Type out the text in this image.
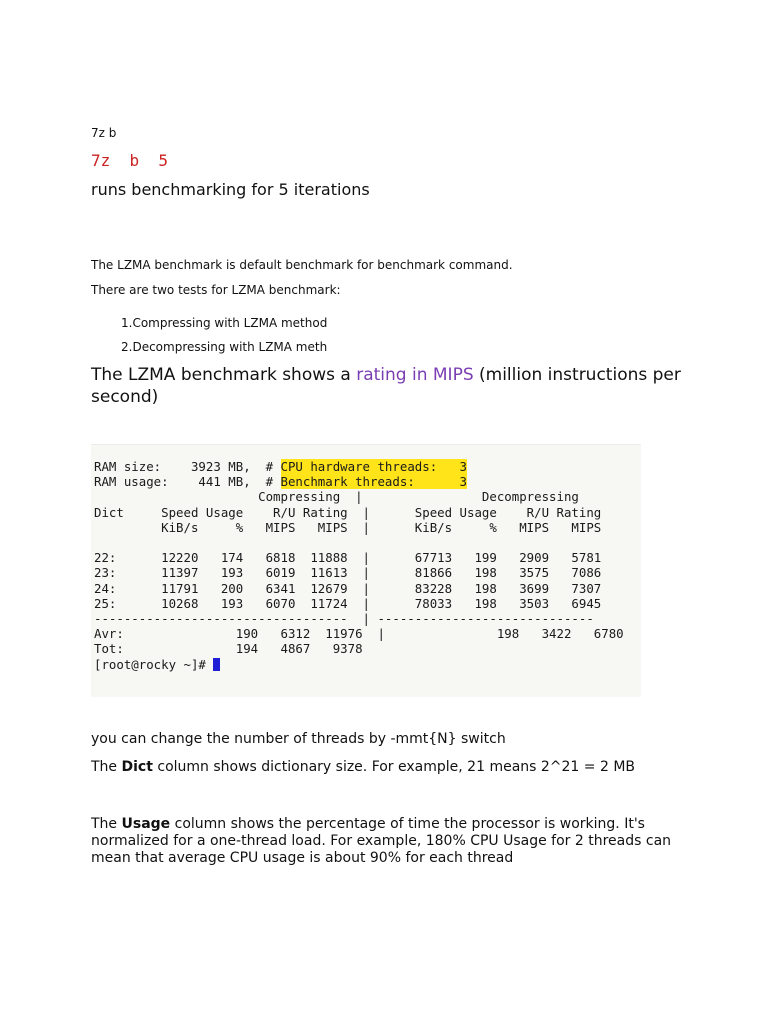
7z b
7z  b  5
runs benchmarking for 5 iterations
The LZMA benchmark is default benchmark for benchmark command.
There are two tests for LZMA benchmark:
1.Compressing with LZMA method
2.Decompressing with LZMA meth
The LZMA benchmark shows a rating in MIPS (million instructions per second)
RAM size:    3923 MB,  # CPU hardware threads:   3
RAM usage:    441 MB,  # Benchmark threads:      3
Compressing  |                Decompressing
Dict     Speed Usage    R/U Rating  |      Speed Usage    R/U Rating
KiB/s     %   MIPS   MIPS  |      KiB/s     %   MIPS   MIPS

22:      12220   174   6818  11888  |      67713   199   2909   5781
23:      11397   193   6019  11613  |      81866   198   3575   7086
24:      11791   200   6341  12679  |      83228   198   3699   7307
25:      10268   193   6070  11724  |      78033   198   3503   6945
----------------------------------  | -----------------------------
Avr:               190   6312  11976  |               198   3422   6780
Tot:               194   4867   9378
[root@rocky ~]#
you can change the number of threads by -mmt{N} switch
The Dict column shows dictionary size. For example, 21 means 2^21 = 2 MB
The Usage column shows the percentage of time the processor is working. It's normalized for a one-thread load. For example, 180% CPU Usage for 2 threads can mean that average CPU usage is about 90% for each thread
